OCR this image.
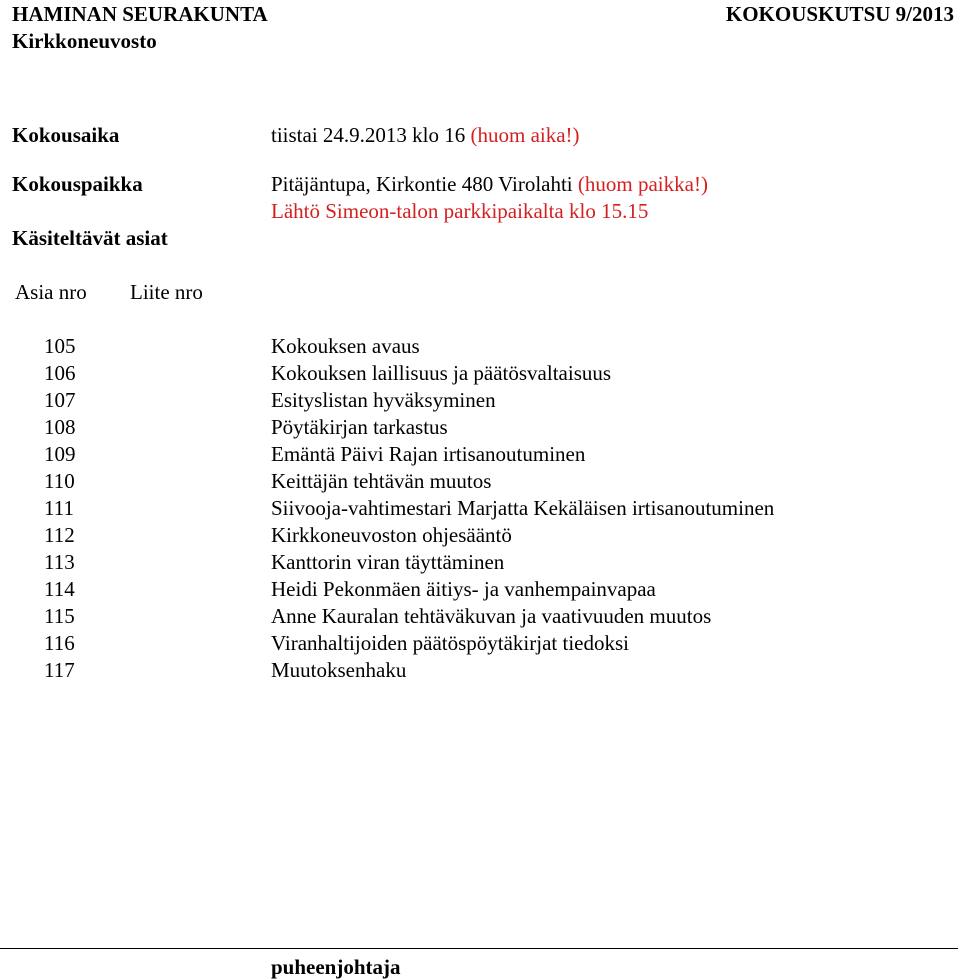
HAMINAN SEURAKUNTA	KOKOUSKUTSU 9/2013
Kirkkoneuvosto
Kokousaika	tiistai 24.9.2013 klo 16 (huom aika!)
Kokouspaikka	Pitäjäntupa, Kirkontie 480 Virolahti (huom paikka!)
Lähtö Simeon-talon parkkipaikalta klo 15.15
Käsiteltävät asiat
Asia nro Liite nro
105	Kokouksen avaus
106	Kokouksen laillisuus ja päätösvaltaisuus
107	Esityslistan hyväksyminen
108	Pöytäkirjan tarkastus
109	Emäntä Päivi Rajan irtisanoutuminen
110	Keittäjän tehtävän muutos
111	Siivooja-vahtimestari Marjatta Kekäläisen irtisanoutuminen
112	Kirkkoneuvoston ohjesääntö
113	Kanttorin viran täyttäminen
114	Heidi Pekonmäen äitiys- ja vanhempainvapaa
115	Anne Kauralan tehtäväkuvan ja vaativuuden muutos
116	Viranhaltijoiden päätöspöytäkirjat tiedoksi
117	Muutoksenhaku
puheenjohtaja
